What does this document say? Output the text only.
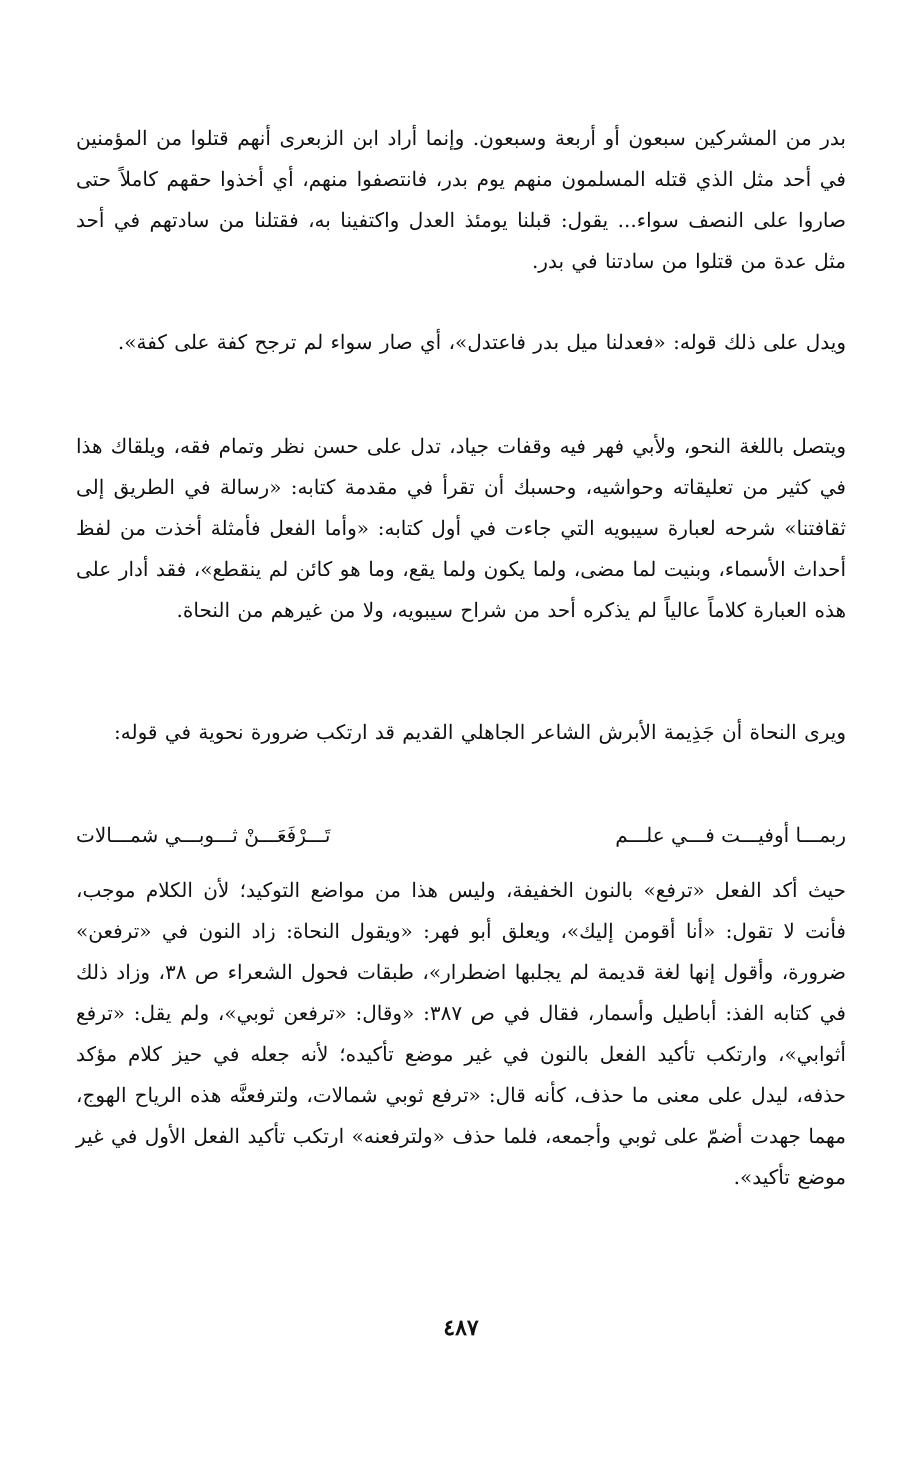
بدر من المشركين سبعون أو أربعة وسبعون. وإنما أراد ابن الزبعرى أنهم قتلوا من المؤمنين في أحد مثل الذي قتله المسلمون منهم يوم بدر، فانتصفوا منهم، أي أخذوا حقهم كاملاً حتى صاروا على النصف سواء... يقول: قبلنا يومئذ العدل واكتفينا به، فقتلنا من سادتهم في أحد مثل عدة من قتلوا من سادتنا في بدر.
ويدل على ذلك قوله: «فعدلنا ميل بدر فاعتدل»، أي صار سواء لم ترجح كفة على كفة».
ويتصل باللغة النحو، ولأبي فهر فيه وقفات جياد، تدل على حسن نظر وتمام فقه، ويلقاك هذا في كثير من تعليقاته وحواشيه، وحسبك أن تقرأ في مقدمة كتابه: «رسالة في الطريق إلى ثقافتنا» شرحه لعبارة سيبويه التي جاءت في أول كتابه: «وأما الفعل فأمثلة أخذت من لفظ أحداث الأسماء، وبنيت لما مضى، ولما يكون ولما يقع، وما هو كائن لم ينقطع»، فقد أدار على هذه العبارة كلاماً عالياً لم يذكره أحد من شراح سيبويه، ولا من غيرهم من النحاة.
ويرى النحاة أن جَذِيمة الأبرش الشاعر الجاهلي القديم قد ارتكب ضرورة نحوية في قوله:
ربمـــا أوفيـــت فـــي علـــم
تَـــرْفَعَـــنْ ثـــوبـــي شمـــالات
حيث أكد الفعل «ترفع» بالنون الخفيفة، وليس هذا من مواضع التوكيد؛ لأن الكلام موجب، فأنت لا تقول: «أنا أقومن إليك»، ويعلق أبو فهر: «ويقول النحاة: زاد النون في «ترفعن» ضرورة، وأقول إنها لغة قديمة لم يجلبها اضطرار»، طبقات فحول الشعراء ص ٣٨، وزاد ذلك في كتابه الفذ: أباطيل وأسمار، فقال في ص ٣٨٧: «وقال: «ترفعن ثوبي»، ولم يقل: «ترفع أثوابي»، وارتكب تأكيد الفعل بالنون في غير موضع تأكيده؛ لأنه جعله في حيز كلام مؤكد حذفه، ليدل على معنى ما حذف، كأنه قال: «ترفع ثوبي شمالات، ولترفعنَّه هذه الرياح الهوج، مهما جهدت أضمّ على ثوبي وأجمعه، فلما حذف «ولترفعنه» ارتكب تأكيد الفعل الأول في غير موضع تأكيد».
٤٨٧
